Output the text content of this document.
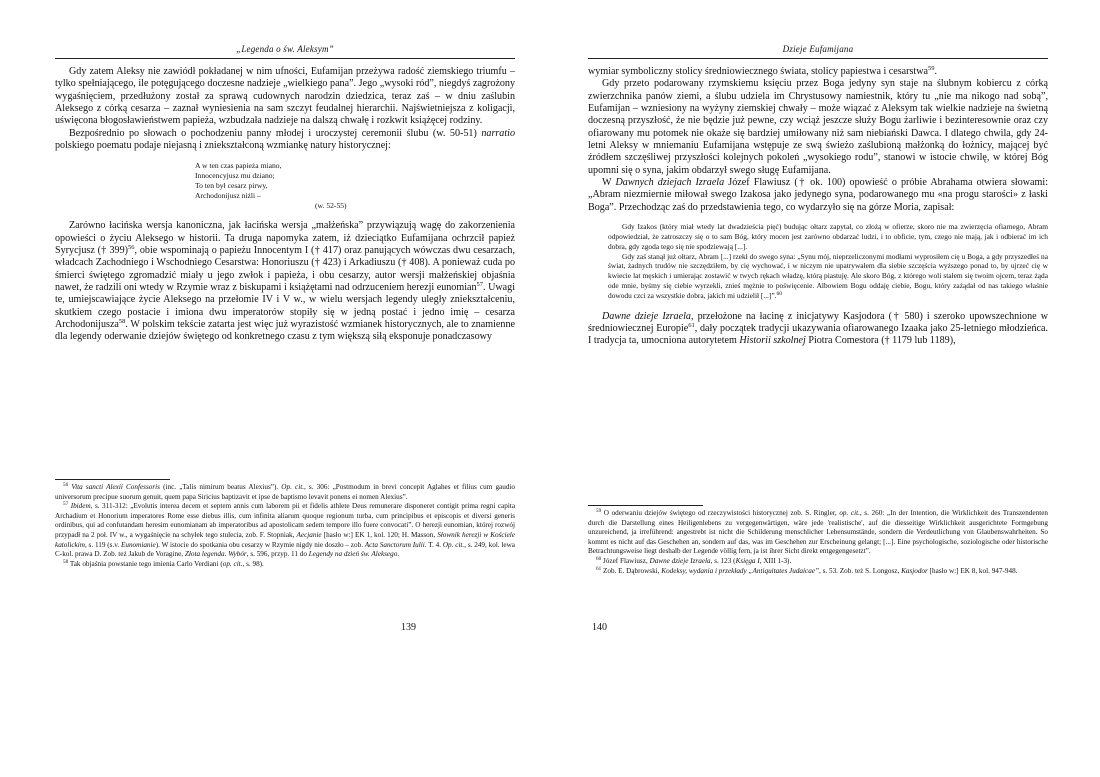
„Legenda o św. Aleksym”

Gdy zatem Aleksy nie zawiódł pokładanej w nim ufności, Eufamijan przeżywa radość ziemskiego triumfu – tylko spełniającego, ile potęgującego doczesne nadzieje „wielkiego pana”. Jego „wysoki ród”, niegdyś zagrożony wygaśnięciem, przedłużony został za sprawą cudownych narodzin dziedzica, teraz zaś – w dniu zaślubin Aleksego z córką cesarza – zaznał wyniesienia na sam szczyt feudalnej hierarchii. Najświetniejsza z koligacji, uświęcona błogosławieństwem papieża, wzbudzała nadzieje na dalszą chwałę i rozkwit książęcej rodziny.

Bezpośrednio po słowach o pochodzeniu panny młodej i uroczystej ceremonii ślubu (w. 50-51) narratio polskiego poematu podaje niejasną i zniekształconą wzmiankę natury historycznej:

A w ten czas papieża miano,
Innocencyjusz mu dziano;
To ten był cesarz pirwy,
Archodonijusz niżli –
(w. 52-55)

Zarówno łacińska wersja kanoniczna, jak łacińska wersja „małżeńska” przywiązują wagę do zakorzenienia opowieści o życiu Aleksego w historii. Ta druga napomyka zatem, iż dzieciątko Eufamijana ochrzcił papież Syrycjusz († 399)$^{56}$, obie wspominają o papieżu Innocentym I († 417) oraz panujących wówczas dwu cesarzach, władcach Zachodniego i Wschodniego Cesarstwa: Honoriuszu († 423) i Arkadiuszu († 408). A ponieważ cuda po śmierci świętego zgromadzić miały u jego zwłok i papieża, i obu cesarzy, autor wersji małżeńskiej objaśnia nawet, że radzili oni wtedy w Rzymie wraz z biskupami i książętami nad odrzuceniem herezji eunomian$^{57}$. Uwagi te, umiejscawiające życie Aleksego na przełomie IV i V w., w wielu wersjach legendy uległy zniekształceniu, skutkiem czego postacie i imiona dwu imperatorów stopiły się w jedną postać i jedno imię – cesarza Archodonijusza$^{58}$. W polskim tekście zatarta jest więc już wyrazistość wzmianek historycznych, ale to znamienne dla legendy oderwanie dziejów świętego od konkretnego czasu z tym większą siłą eksponuje ponadczasowy

$^{56}$ Vita sancti Alexii Confessoris (inc. „Talis nimirum beatus Alexius”). Op. cit., s. 306: „Postmodum in brevi concepit Aglahes et filius cum gaudio universorum precipue suorum genuit, quem papa Siricius baptizavit et ipse de baptismo levavit ponens ei nomen Alexius”.

$^{57}$ Ibidem, s. 311-312: „Evolutis interea decem et septem annis cum laborem pii et fidelis athlete Deus remunerare disponeret contigit prima regni capita Archadium et Honorium imperatores Rome esse diebus illis, cum infinita aliarum quoque regionum turba, cum principibus et episcopis et diversi generis ordinibus, qui ad confutandam heresim eunomianam ab imperatoribus ad apostolicam sedem tempore illo fuere convocati”. O herezji eunomian, której rozwój przypadł na 2 poł. IV w., a wygaśnięcie na schyłek tego stulecia, zob. F. Stopniak, Aecjanie [hasło w:] EK 1, kol. 120; H. Masson, Słownik herezji w Kościele katolickim, s. 119 (s.v. Eunomianie). W istocie do spotkania obu cesarzy w Rzymie nigdy nie doszło – zob. Acta Sanctorum Iulii. T. 4. Op. cit., s. 249, kol. lewa C-kol. prawa D. Zob. też Jakub de Voragine, Złota legenda. Wybór, s. 596, przyp. 11 do Legendy na dzień św. Aleksego.

$^{58}$ Tak objaśnia powstanie tego imienia Carlo Verdiani (op. cit., s. 98).

139
Dzieje Eufamijana

wymiar symboliczny stolicy średniowiecznego świata, stolicy papiestwa i cesarstwa$^{59}$.

Gdy przeto podarowany rzymskiemu księciu przez Boga jedyny syn staje na ślubnym kobiercu z córką zwierzchnika panów ziemi, a ślubu udziela im Chrystusowy namiestnik, który tu „nie ma nikogo nad sobą”, Eufamijan – wzniesiony na wyżyny ziemskiej chwały – może wiązać z Aleksym tak wielkie nadzieje na świetną doczesną przyszłość, że nie będzie już pewne, czy wciąż jeszcze służy Bogu żarliwie i bezinteresownie oraz czy ofiarowany mu potomek nie okaże się bardziej umiłowany niż sam niebiański Dawca. I dlatego chwila, gdy 24-letni Aleksy w mniemaniu Eufamijana wstępuje ze swą świeżo zaślubioną małżonką do łożnicy, mającej być źródłem szczęśliwej przyszłości kolejnych pokoleń „wysokiego rodu”, stanowi w istocie chwilę, w której Bóg upomni się o syna, jakim obdarzył swego sługę Eufamijana.

W Dawnych dziejach Izraela Józef Flawiusz († ok. 100) opowieść o próbie Abrahama otwiera słowami: „Abram niezmiernie miłował swego Izakosa jako jedynego syna, podarowanego mu «na progu starości» z łaski Boga”. Przechodząc zaś do przedstawienia tego, co wydarzyło się na górze Moria, zapisał:

Gdy Izakos (który miał wtedy lat dwadzieścia pięć) budując ołtarz zapytał, co złożą w ofierze, skoro nie ma zwierzęcia ofiarnego, Abram odpowiedział, że zatroszczy się o to sam Bóg, który mocen jest zarówno obdarzać ludzi, i to obficie, tym, czego nie mają, jak i odbierać im ich dobra, gdy zgoda tego się nie spodziewają [...].

Gdy zaś stanął już ołtarz, Abram [...] rzekł do swego syna: „Synu mój, nieprzeliczonymi modłami wyprosiłem cię u Boga, a gdy przyszedłeś na świat, żadnych trudów nie szczędziłem, by cię wychować, i w niczym nie upatrywałem dla siebie szczęścia wyższego ponad to, by ujrzeć cię w kwiecie lat męskich i umierając zostawić w twych rękach władzę, którą piastuję. Ale skoro Bóg, z którego woli stałem się twoim ojcem, teraz żąda ode mnie, byśmy się ciebie wyrzekli, znieś mężnie to poświęcenie. Albowiem Bogu oddaję ciebie, Bogu, który zażądał od nas takiego właśnie dowodu czci za wszystkie dobra, jakich mi udzielił [...]”.$^{60}$

Dawne dzieje Izraela, przełożone na łacinę z inicjatywy Kasjodora († 580) i szeroko upowszechnione w średniowiecznej Europie$^{61}$, dały początek tradycji ukazywania ofiarowanego Izaaka jako 25-letniego młodzieńca. I tradycja ta, umocniona autorytetem Historii szkolnej Piotra Comestora († 1179 lub 1189),

$^{59}$ O oderwaniu dziejów świętego od rzeczywistości historycznej zob. S. Ringler, op. cit., s. 260: „In der Intention, die Wirklichkeit des Transzendenten durch die Darstellung eines Heiligenlebens zu vergegenwärtigen, wäre jede 'realistische', auf die diesseitige Wirklichkeit ausgerichtete Formgebung unzureichend, ja irreführend: angestrebt ist nicht die Schilderung menschlicher Lebensumstände, sondern die Verdeutlichung von Glaubenswahrheiten. So kommt es nicht auf das Geschehen an, sondern auf das, was im Geschehen zur Erscheinung gelangt; [...]. Eine psychologische, soziologische oder historische Betrachtungsweise liegt deshalb der Legende völlig fern, ja ist ihrer Sicht direkt entgegengesetzt”.

$^{60}$ Józef Flawiusz, Dawne dzieje Izraela, s. 123 (Księga I, XIII 1-3).

$^{61}$ Zob. E. Dąbrowski, Kodeksy, wydania i przekłady „Antiquitates Judaicae”, s. 53. Zob. też S. Longosz, Kasjodor [hasło w:] EK 8, kol. 947-948.

140
